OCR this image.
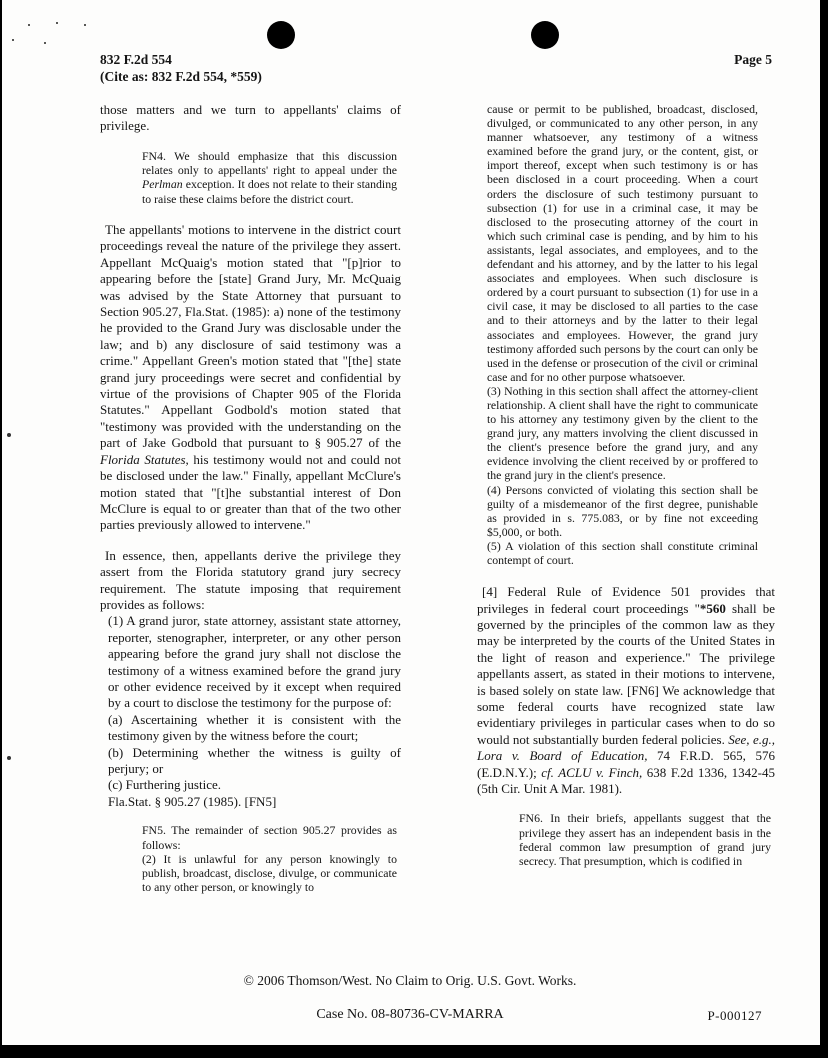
832 F.2d 554
(Cite as: 832 F.2d 554, *559)
Page 5
those matters and we turn to appellants' claims of privilege.
FN4. We should emphasize that this discussion relates only to appellants' right to appeal under the Perlman exception. It does not relate to their standing to raise these claims before the district court.
The appellants' motions to intervene in the district court proceedings reveal the nature of the privilege they assert. Appellant McQuaig's motion stated that "[p]rior to appearing before the [state] Grand Jury, Mr. McQuaig was advised by the State Attorney that pursuant to Section 905.27, Fla.Stat. (1985): a) none of the testimony he provided to the Grand Jury was disclosable under the law; and b) any disclosure of said testimony was a crime." Appellant Green's motion stated that "[the] state grand jury proceedings were secret and confidential by virtue of the provisions of Chapter 905 of the Florida Statutes." Appellant Godbold's motion stated that "testimony was provided with the understanding on the part of Jake Godbold that pursuant to § 905.27 of the Florida Statutes, his testimony would not and could not be disclosed under the law." Finally, appellant McClure's motion stated that "[t]he substantial interest of Don McClure is equal to or greater than that of the two other parties previously allowed to intervene."
In essence, then, appellants derive the privilege they assert from the Florida statutory grand jury secrecy requirement. The statute imposing that requirement provides as follows:
(1) A grand juror, state attorney, assistant state attorney, reporter, stenographer, interpreter, or any other person appearing before the grand jury shall not disclose the testimony of a witness examined before the grand jury or other evidence received by it except when required by a court to disclose the testimony for the purpose of:
(a) Ascertaining whether it is consistent with the testimony given by the witness before the court;
(b) Determining whether the witness is guilty of perjury; or
(c) Furthering justice.
Fla.Stat. § 905.27 (1985). [FN5]
FN5. The remainder of section 905.27 provides as follows:
(2) It is unlawful for any person knowingly to publish, broadcast, disclose, divulge, or communicate to any other person, or knowingly to
cause or permit to be published, broadcast, disclosed, divulged, or communicated to any other person, in any manner whatsoever, any testimony of a witness examined before the grand jury, or the content, gist, or import thereof, except when such testimony is or has been disclosed in a court proceeding. When a court orders the disclosure of such testimony pursuant to subsection (1) for use in a criminal case, it may be disclosed to the prosecuting attorney of the court in which such criminal case is pending, and by him to his assistants, legal associates, and employees, and to the defendant and his attorney, and by the latter to his legal associates and employees. When such disclosure is ordered by a court pursuant to subsection (1) for use in a civil case, it may be disclosed to all parties to the case and to their attorneys and by the latter to their legal associates and employees. However, the grand jury testimony afforded such persons by the court can only be used in the defense or prosecution of the civil or criminal case and for no other purpose whatsoever.
(3) Nothing in this section shall affect the attorney-client relationship. A client shall have the right to communicate to his attorney any testimony given by the client to the grand jury, any matters involving the client discussed in the client's presence before the grand jury, and any evidence involving the client received by or proffered to the grand jury in the client's presence.
(4) Persons convicted of violating this section shall be guilty of a misdemeanor of the first degree, punishable as provided in s. 775.083, or by fine not exceeding $5,000, or both.
(5) A violation of this section shall constitute criminal contempt of court.
[4] Federal Rule of Evidence 501 provides that privileges in federal court proceedings "*560 shall be governed by the principles of the common law as they may be interpreted by the courts of the United States in the light of reason and experience." The privilege appellants assert, as stated in their motions to intervene, is based solely on state law. [FN6] We acknowledge that some federal courts have recognized state law evidentiary privileges in particular cases when to do so would not substantially burden federal policies. See, e.g., Lora v. Board of Education, 74 F.R.D. 565, 576 (E.D.N.Y.); cf. ACLU v. Finch, 638 F.2d 1336, 1342-45 (5th Cir. Unit A Mar. 1981).
FN6. In their briefs, appellants suggest that the privilege they assert has an independent basis in the federal common law presumption of grand jury secrecy. That presumption, which is codified in
© 2006 Thomson/West. No Claim to Orig. U.S. Govt. Works.
Case No. 08-80736-CV-MARRA	P-000127
